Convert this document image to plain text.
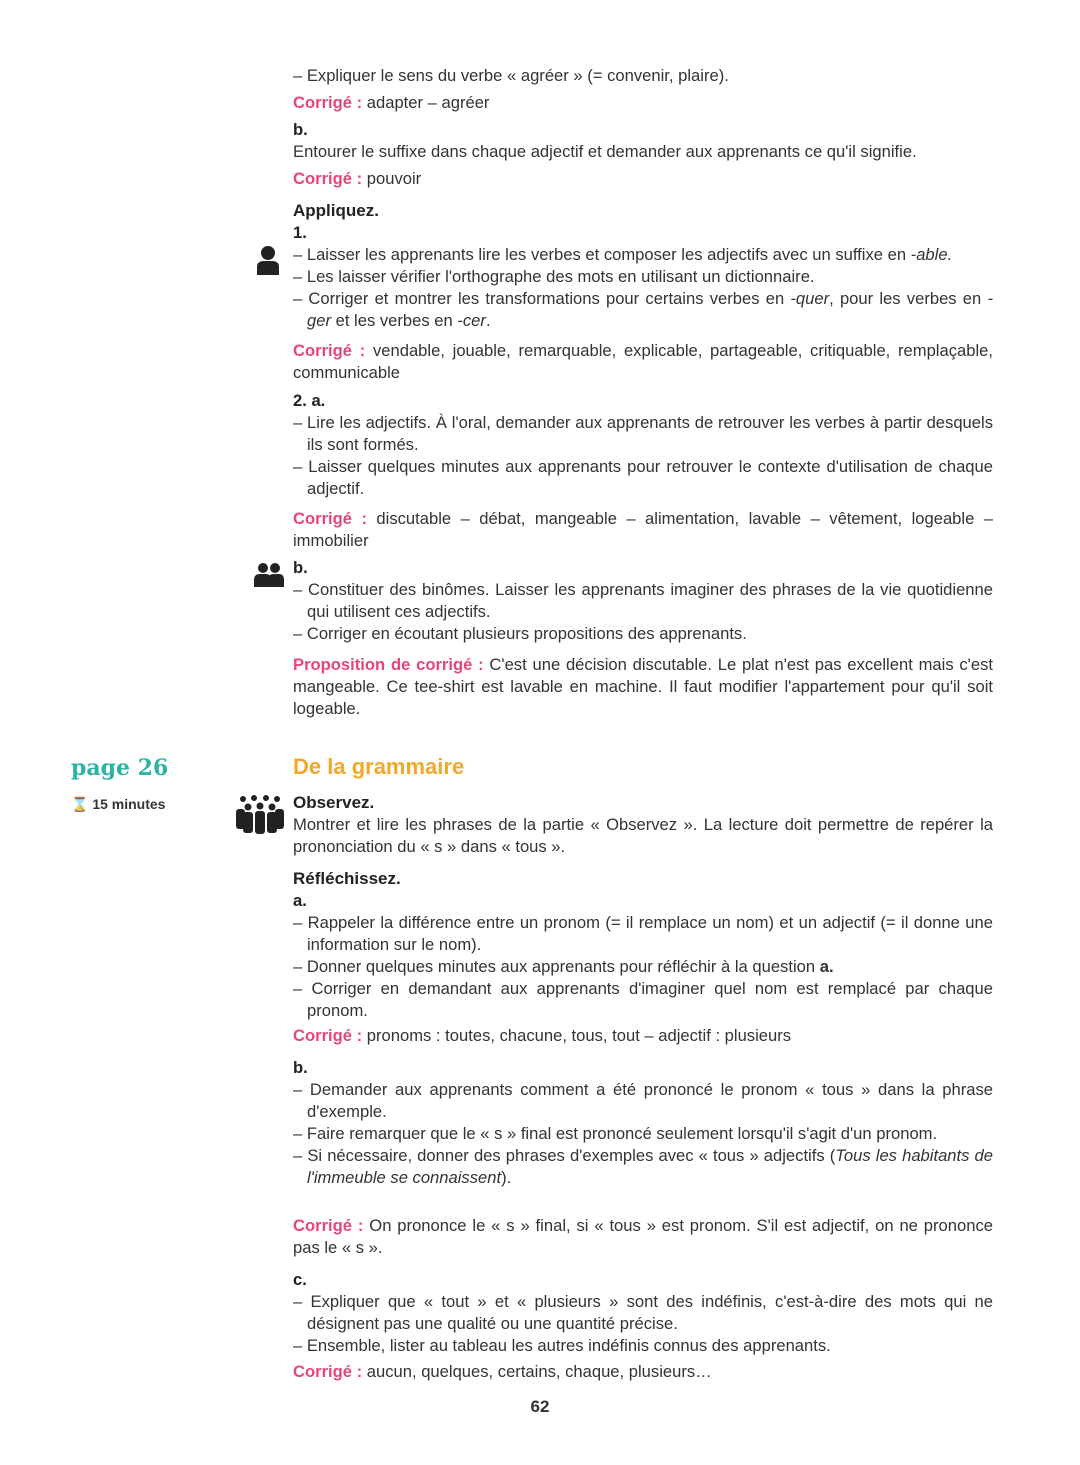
– Expliquer le sens du verbe « agréer » (= convenir, plaire).
Corrigé : adapter – agréer
b.
Entourer le suffixe dans chaque adjectif et demander aux apprenants ce qu'il signifie.
Corrigé : pouvoir
Appliquez.
1.
– Laisser les apprenants lire les verbes et composer les adjectifs avec un suffixe en -able.
– Les laisser vérifier l'orthographe des mots en utilisant un dictionnaire.
– Corriger et montrer les transformations pour certains verbes en -quer, pour les verbes en -ger et les verbes en -cer.
Corrigé : vendable, jouable, remarquable, explicable, partageable, critiquable, remplaçable, communicable
2. a.
– Lire les adjectifs. À l'oral, demander aux apprenants de retrouver les verbes à partir desquels ils sont formés.
– Laisser quelques minutes aux apprenants pour retrouver le contexte d'utilisation de chaque adjectif.
Corrigé : discutable – débat, mangeable – alimentation, lavable – vêtement, logeable – immobilier
b.
– Constituer des binômes. Laisser les apprenants imaginer des phrases de la vie quotidienne qui utilisent ces adjectifs.
– Corriger en écoutant plusieurs propositions des apprenants.
Proposition de corrigé : C'est une décision discutable. Le plat n'est pas excellent mais c'est mangeable. Ce tee-shirt est lavable en machine. Il faut modifier l'appartement pour qu'il soit logeable.
page 26
⌛ 15 minutes
De la grammaire
Observez.
Montrer et lire les phrases de la partie « Observez ». La lecture doit permettre de repérer la prononciation du « s » dans « tous ».
Réfléchissez.
a.
– Rappeler la différence entre un pronom (= il remplace un nom) et un adjectif (= il donne une information sur le nom).
– Donner quelques minutes aux apprenants pour réfléchir à la question a.
– Corriger en demandant aux apprenants d'imaginer quel nom est remplacé par chaque pronom.
Corrigé : pronoms : toutes, chacune, tous, tout – adjectif : plusieurs
b.
– Demander aux apprenants comment a été prononcé le pronom « tous » dans la phrase d'exemple.
– Faire remarquer que le « s » final est prononcé seulement lorsqu'il s'agit d'un pronom.
– Si nécessaire, donner des phrases d'exemples avec « tous » adjectifs (Tous les habitants de l'immeuble se connaissent).
Corrigé : On prononce le « s » final, si « tous » est pronom. S'il est adjectif, on ne prononce pas le « s ».
c.
– Expliquer que « tout » et « plusieurs » sont des indéfinis, c'est-à-dire des mots qui ne désignent pas une qualité ou une quantité précise.
– Ensemble, lister au tableau les autres indéfinis connus des apprenants.
Corrigé : aucun, quelques, certains, chaque, plusieurs…
62
